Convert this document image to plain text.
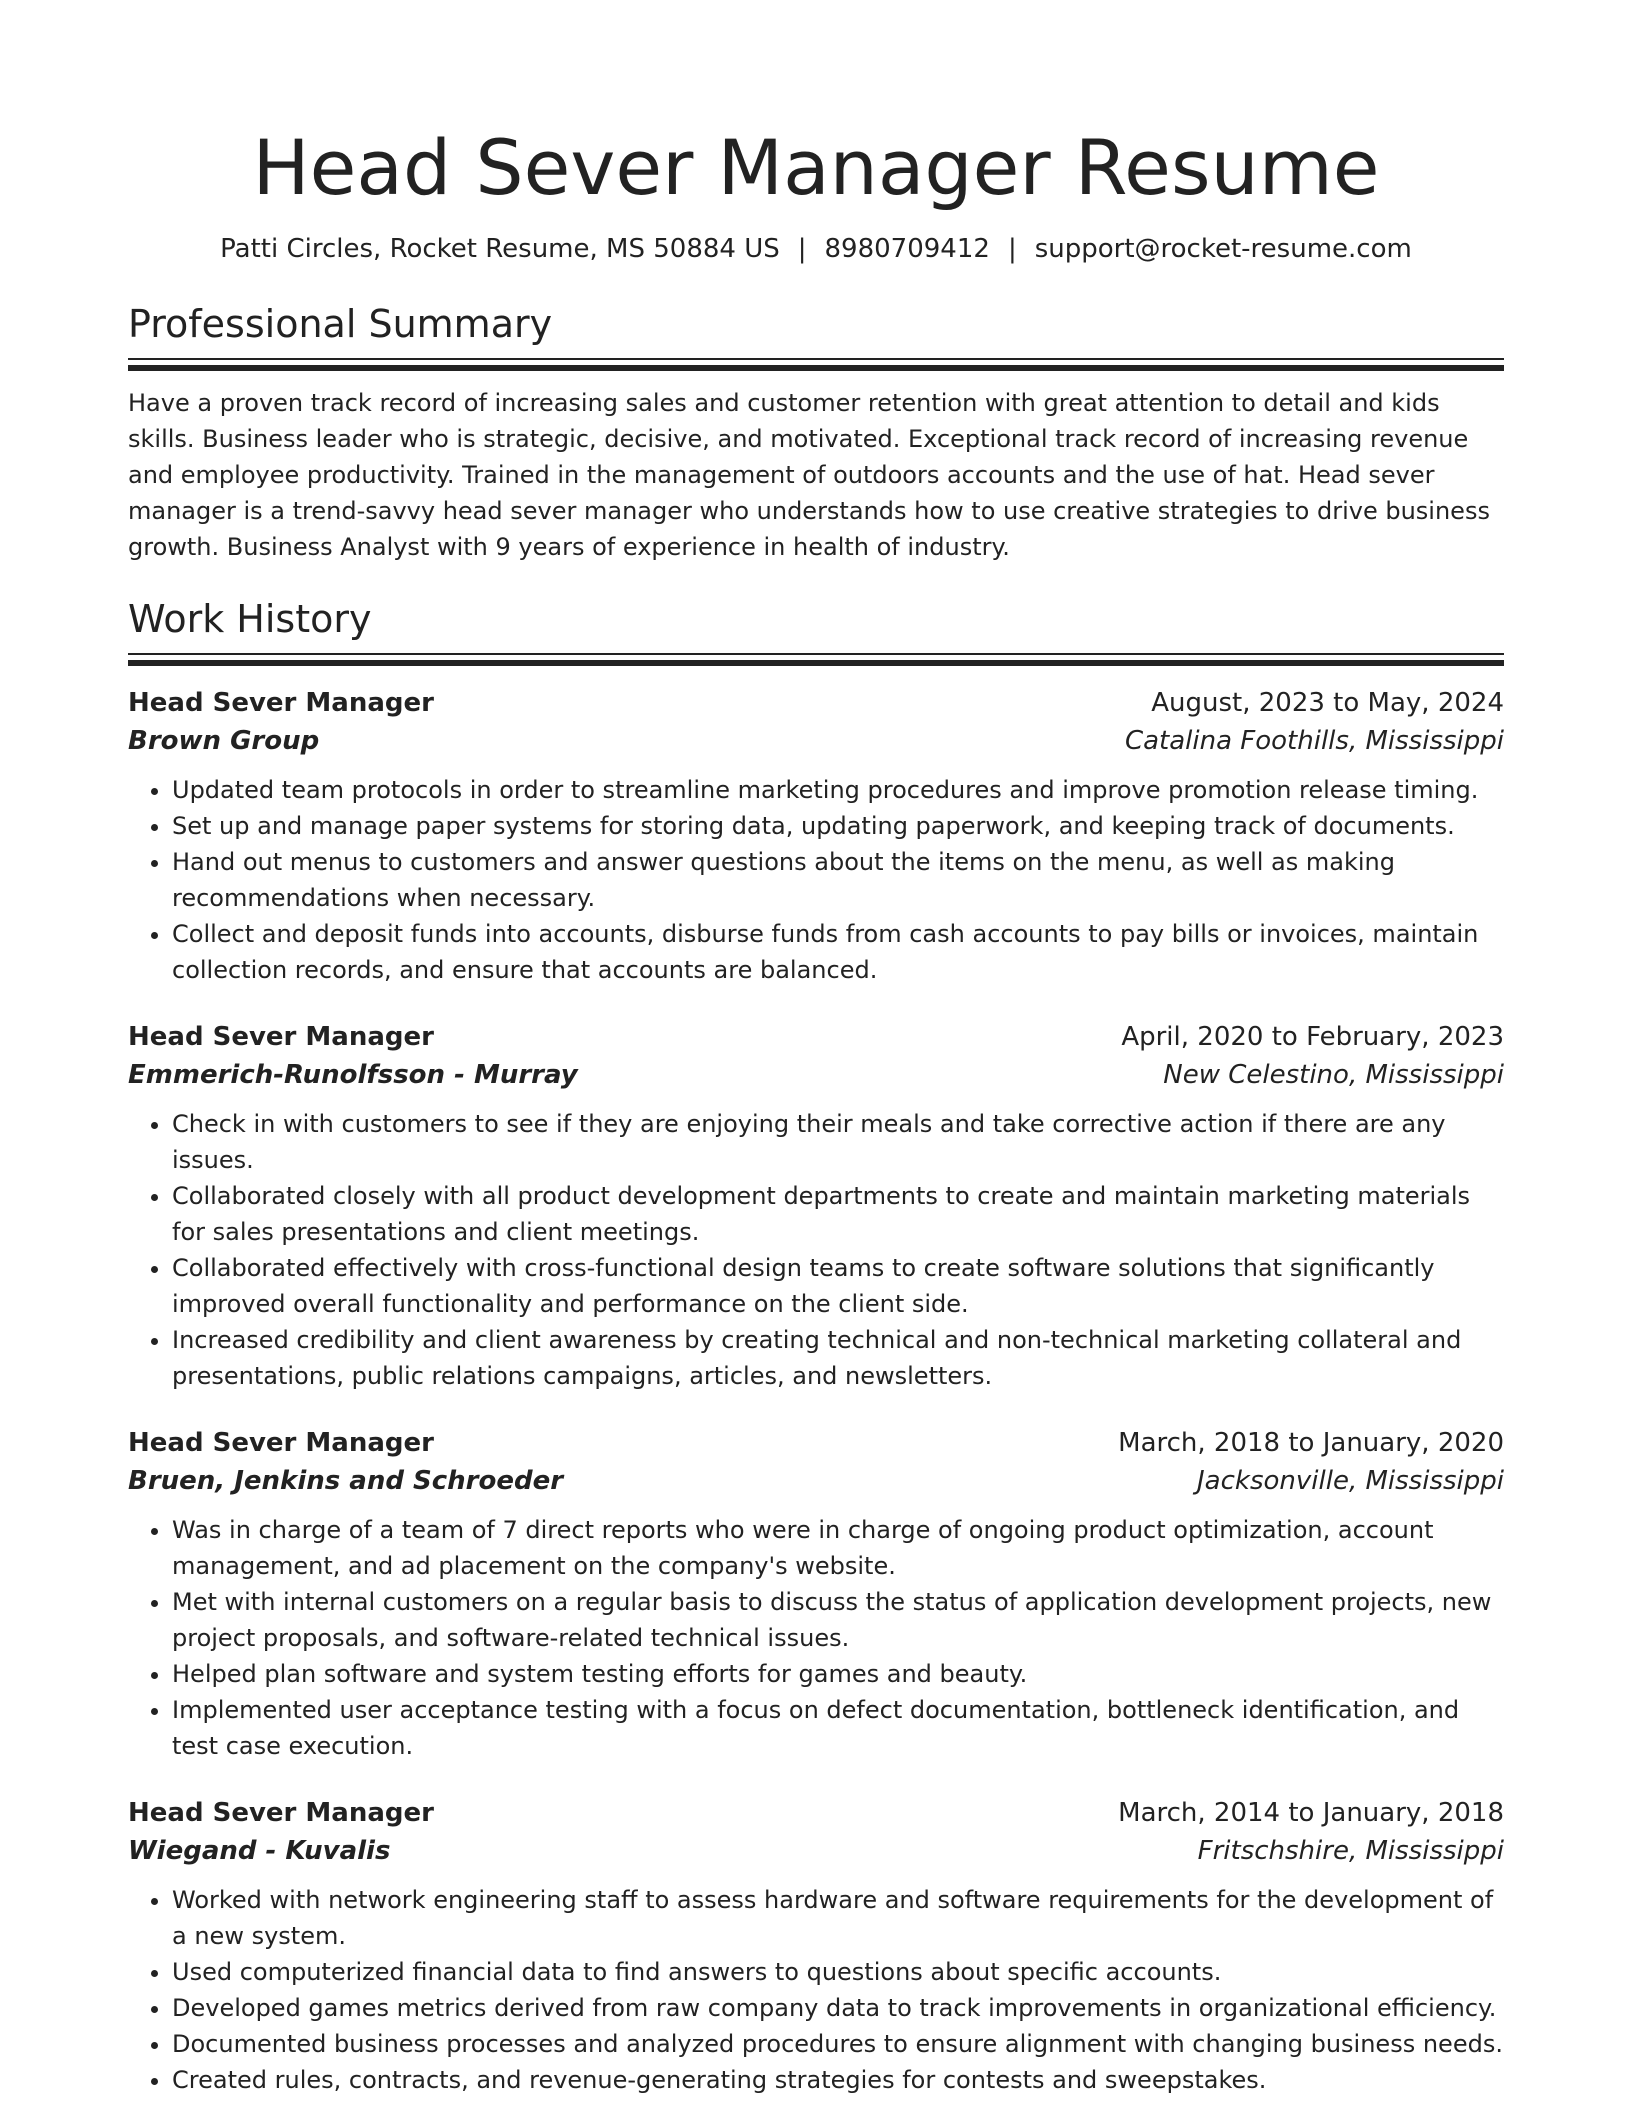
Head Sever Manager Resume
Patti Circles, Rocket Resume, MS 50884 US | 8980709412 | support@rocket-resume.com
Professional Summary

Have a proven track record of increasing sales and customer retention with great attention to detail and kids skills. Business leader who is strategic, decisive, and motivated. Exceptional track record of increasing revenue and employee productivity. Trained in the management of outdoors accounts and the use of hat. Head sever manager is a trend-savvy head sever manager who understands how to use creative strategies to drive business growth. Business Analyst with 9 years of experience in health of industry.

Work History
Head Sever Manager	August, 2023 to May, 2024
Brown Group	Catalina Foothills, Mississippi
• Updated team protocols in order to streamline marketing procedures and improve promotion release timing.
• Set up and manage paper systems for storing data, updating paperwork, and keeping track of documents.
• Hand out menus to customers and answer questions about the items on the menu, as well as making recommendations when necessary.
• Collect and deposit funds into accounts, disburse funds from cash accounts to pay bills or invoices, maintain collection records, and ensure that accounts are balanced.
Head Sever Manager	April, 2020 to February, 2023
Emmerich-Runolfsson - Murray	New Celestino, Mississippi
• Check in with customers to see if they are enjoying their meals and take corrective action if there are any issues.
• Collaborated closely with all product development departments to create and maintain marketing materials for sales presentations and client meetings.
• Collaborated effectively with cross-functional design teams to create software solutions that significantly improved overall functionality and performance on the client side.
• Increased credibility and client awareness by creating technical and non-technical marketing collateral and presentations, public relations campaigns, articles, and newsletters.
Head Sever Manager	March, 2018 to January, 2020
Bruen, Jenkins and Schroeder	Jacksonville, Mississippi
• Was in charge of a team of 7 direct reports who were in charge of ongoing product optimization, account management, and ad placement on the company's website.
• Met with internal customers on a regular basis to discuss the status of application development projects, new project proposals, and software-related technical issues.
• Helped plan software and system testing efforts for games and beauty.
• Implemented user acceptance testing with a focus on defect documentation, bottleneck identification, and test case execution.
Head Sever Manager	March, 2014 to January, 2018
Wiegand - Kuvalis	Fritschshire, Mississippi
• Worked with network engineering staff to assess hardware and software requirements for the development of a new system.
• Used computerized financial data to find answers to questions about specific accounts.
• Developed games metrics derived from raw company data to track improvements in organizational efficiency.
• Documented business processes and analyzed procedures to ensure alignment with changing business needs.
• Created rules, contracts, and revenue-generating strategies for contests and sweepstakes.
